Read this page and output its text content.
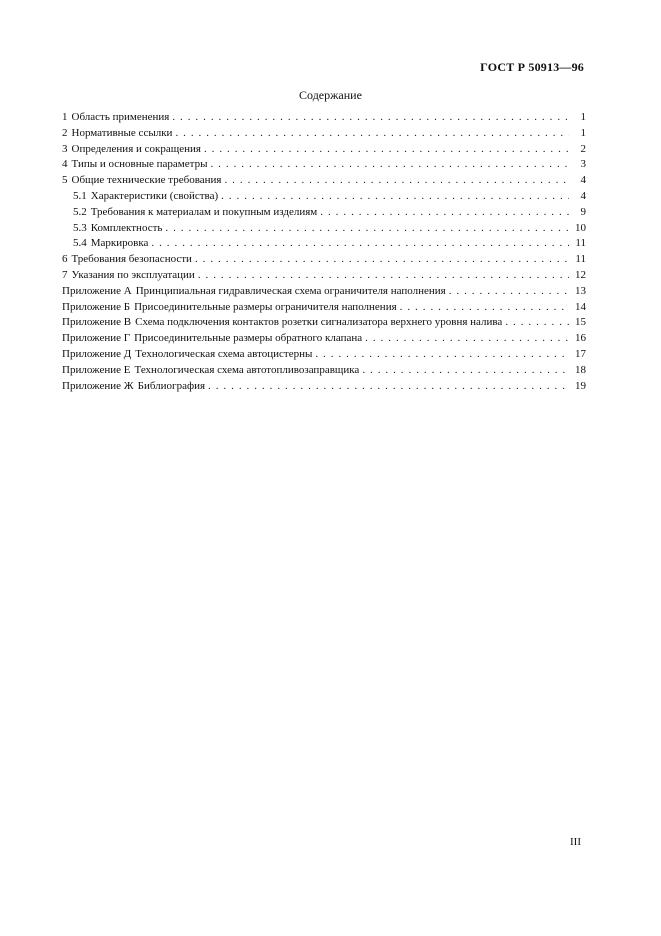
ГОСТ Р 50913—96
Содержание
1 Область применения . . .	1
2 Нормативные ссылки . . .	1
3 Определения и сокращения . . .	2
4 Типы и основные параметры . . .	3
5 Общие технические требования . . .	4
5.1 Характеристики (свойства) . . .	4
5.2 Требования к материалам и покупным изделиям . . .	9
5.3 Комплектность . . .	10
5.4 Маркировка . . .	11
6 Требования безопасности . . .	11
7 Указания по эксплуатации . . .	12
Приложение А Принципиальная гидравлическая схема ограничителя наполнения . . .	13
Приложение Б Присоединительные размеры ограничителя наполнения . . .	14
Приложение В Схема подключения контактов розетки сигнализатора верхнего уровня налива . . .	15
Приложение Г Присоединительные размеры обратного клапана . . .	16
Приложение Д Технологическая схема автоцистерны . . .	17
Приложение Е Технологическая схема автотопливозаправщика . . .	18
Приложение Ж Библиография . . .	19
III
